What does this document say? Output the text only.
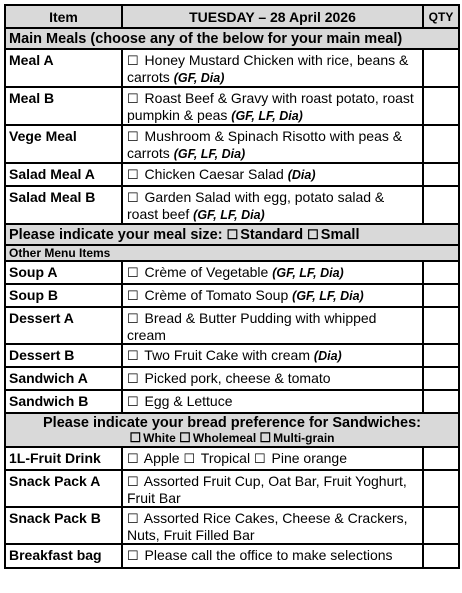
Item	TUESDAY – 28 April 2026	QTY
Main Meals (choose any of the below for your main meal)		
Meal A	☐ Honey Mustard Chicken with rice, beans & carrots (GF, Dia)	
Meal B	☐ Roast Beef & Gravy with roast potato, roast pumpkin & peas (GF, LF, Dia)	
Vege Meal	☐ Mushroom & Spinach Risotto with peas & carrots (GF, LF, Dia)	
Salad Meal A	☐ Chicken Caesar Salad (Dia)	
Salad Meal B	☐ Garden Salad with egg, potato salad & roast beef (GF, LF, Dia)	
Please indicate your meal size: ☐ Standard ☐ Small		
Other Menu Items		
Soup A	☐ Crème of Vegetable (GF, LF, Dia)	
Soup B	☐ Crème of Tomato Soup (GF, LF, Dia)	
Dessert A	☐ Bread & Butter Pudding with whipped cream	
Dessert B	☐ Two Fruit Cake with cream (Dia)	
Sandwich A	☐ Picked pork, cheese & tomato	
Sandwich B	☐ Egg & Lettuce	

Please indicate your bread preference for Sandwiches:
☐ White ☐ Wholemeal ☐ Multi-grain		

1L-Fruit Drink	☐ Apple ☐ Tropical ☐ Pine orange	
Snack Pack A	☐ Assorted Fruit Cup, Oat Bar, Fruit Yoghurt, Fruit Bar	
Snack Pack B	☐ Assorted Rice Cakes, Cheese & Crackers, Nuts, Fruit Filled Bar	
Breakfast bag	☐ Please call the office to make selections	
